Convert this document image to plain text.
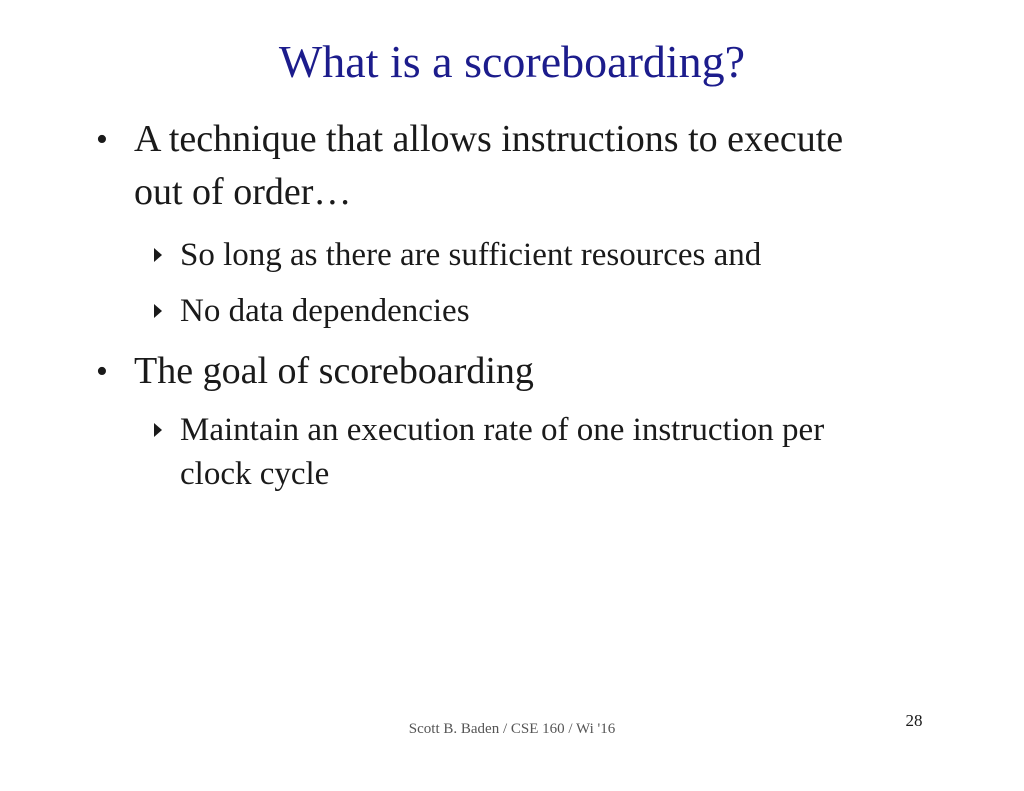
What is a scoreboarding?
• A technique that allows instructions to execute out of order…
So long as there are sufficient resources and
No data dependencies
• The goal of scoreboarding
Maintain an execution rate of one instruction per clock cycle
Scott B. Baden / CSE 160 / Wi '16	28
